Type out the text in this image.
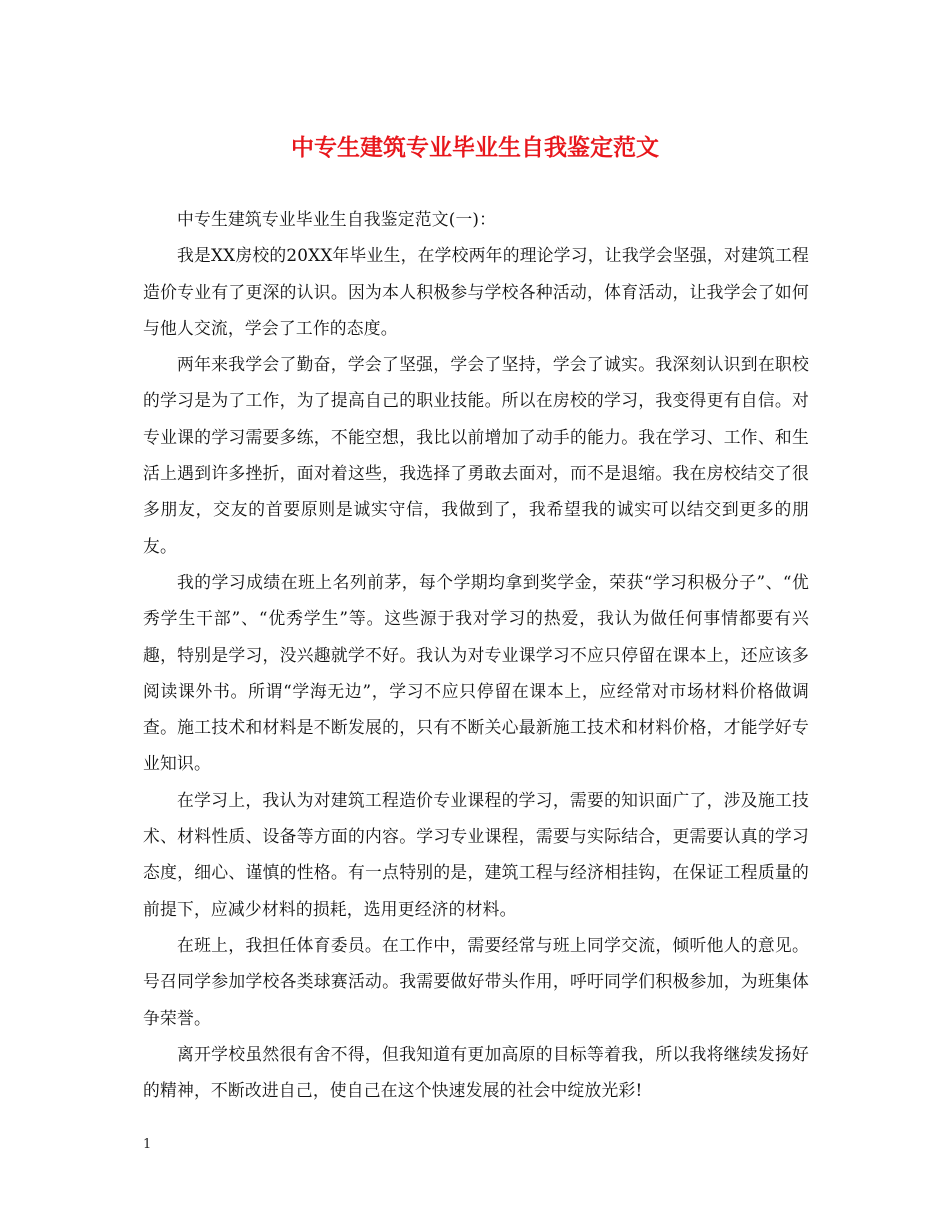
中专生建筑专业毕业生自我鉴定范文

中专生建筑专业毕业生自我鉴定范文(一)：

我是XX房校的20XX年毕业生，在学校两年的理论学习，让我学会坚强，对建筑工程造价专业有了更深的认识。因为本人积极参与学校各种活动，体育活动，让我学会了如何与他人交流，学会了工作的态度。

两年来我学会了勤奋，学会了坚强，学会了坚持，学会了诚实。我深刻认识到在职校的学习是为了工作，为了提高自己的职业技能。所以在房校的学习，我变得更有自信。对专业课的学习需要多练，不能空想，我比以前增加了动手的能力。我在学习、工作、和生活上遇到许多挫折，面对着这些，我选择了勇敢去面对，而不是退缩。我在房校结交了很多朋友，交友的首要原则是诚实守信，我做到了，我希望我的诚实可以结交到更多的朋友。

我的学习成绩在班上名列前茅，每个学期均拿到奖学金，荣获“学习积极分子”、“优秀学生干部”、“优秀学生”等。这些源于我对学习的热爱，我认为做任何事情都要有兴趣，特别是学习，没兴趣就学不好。我认为对专业课学习不应只停留在课本上，还应该多阅读课外书。所谓“学海无边”，学习不应只停留在课本上，应经常对市场材料价格做调查。施工技术和材料是不断发展的，只有不断关心最新施工技术和材料价格，才能学好专业知识。

在学习上，我认为对建筑工程造价专业课程的学习，需要的知识面广了，涉及施工技术、材料性质、设备等方面的内容。学习专业课程，需要与实际结合，更需要认真的学习态度，细心、谨慎的性格。有一点特别的是，建筑工程与经济相挂钩，在保证工程质量的前提下，应减少材料的损耗，选用更经济的材料。

在班上，我担任体育委员。在工作中，需要经常与班上同学交流，倾听他人的意见。号召同学参加学校各类球赛活动。我需要做好带头作用，呼吁同学们积极参加，为班集体争荣誉。

离开学校虽然很有舍不得，但我知道有更加高原的目标等着我，所以我将继续发扬好的精神，不断改进自己，使自己在这个快速发展的社会中绽放光彩!

1
